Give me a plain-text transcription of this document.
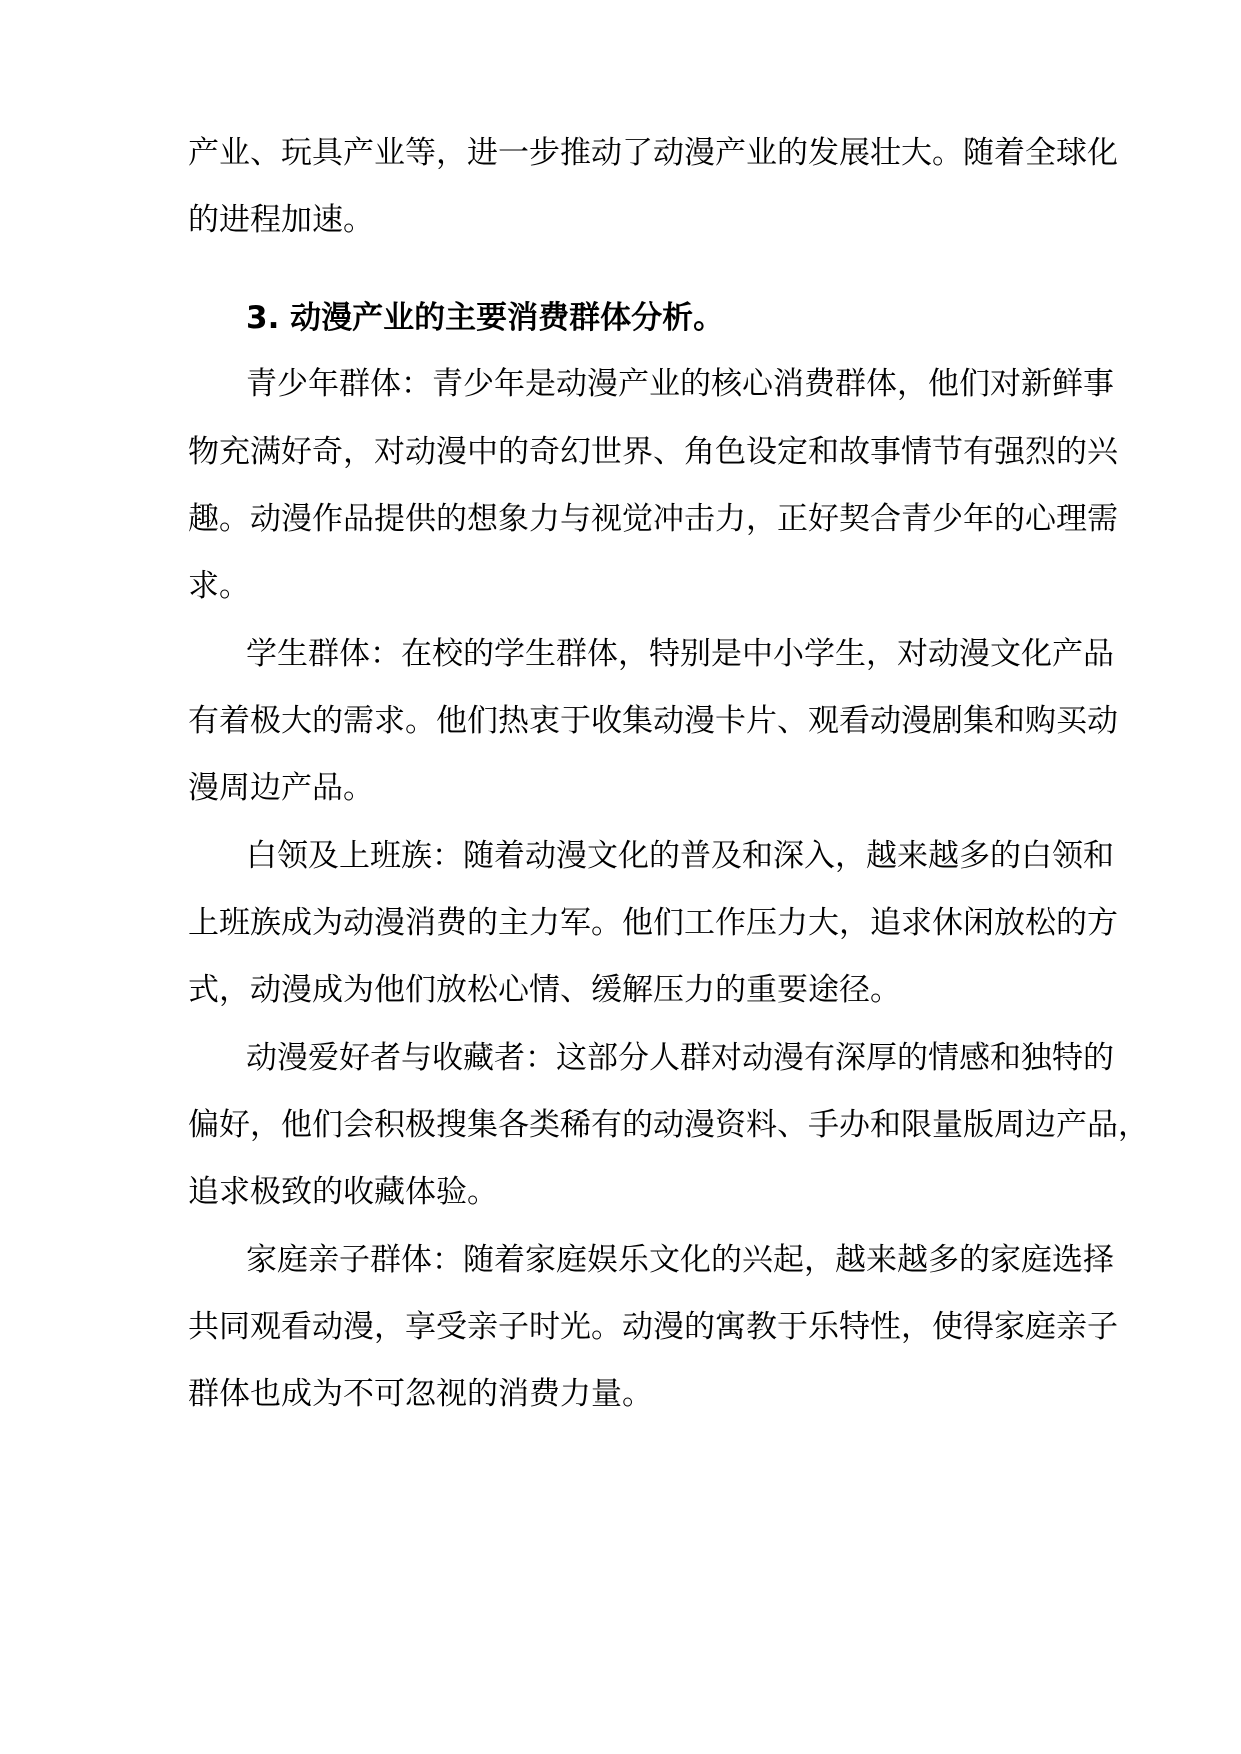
产业、玩具产业等，进一步推动了动漫产业的发展壮大。随着全球化
的进程加速。
3. 动漫产业的主要消费群体分析。
青少年群体：青少年是动漫产业的核心消费群体，他们对新鲜事
物充满好奇，对动漫中的奇幻世界、角色设定和故事情节有强烈的兴
趣。动漫作品提供的想象力与视觉冲击力，正好契合青少年的心理需
求。
学生群体：在校的学生群体，特别是中小学生，对动漫文化产品
有着极大的需求。他们热衷于收集动漫卡片、观看动漫剧集和购买动
漫周边产品。
白领及上班族：随着动漫文化的普及和深入，越来越多的白领和
上班族成为动漫消费的主力军。他们工作压力大，追求休闲放松的方
式，动漫成为他们放松心情、缓解压力的重要途径。
动漫爱好者与收藏者：这部分人群对动漫有深厚的情感和独特的
偏好，他们会积极搜集各类稀有的动漫资料、手办和限量版周边产品，
追求极致的收藏体验。
家庭亲子群体：随着家庭娱乐文化的兴起，越来越多的家庭选择
共同观看动漫，享受亲子时光。动漫的寓教于乐特性，使得家庭亲子
群体也成为不可忽视的消费力量。
